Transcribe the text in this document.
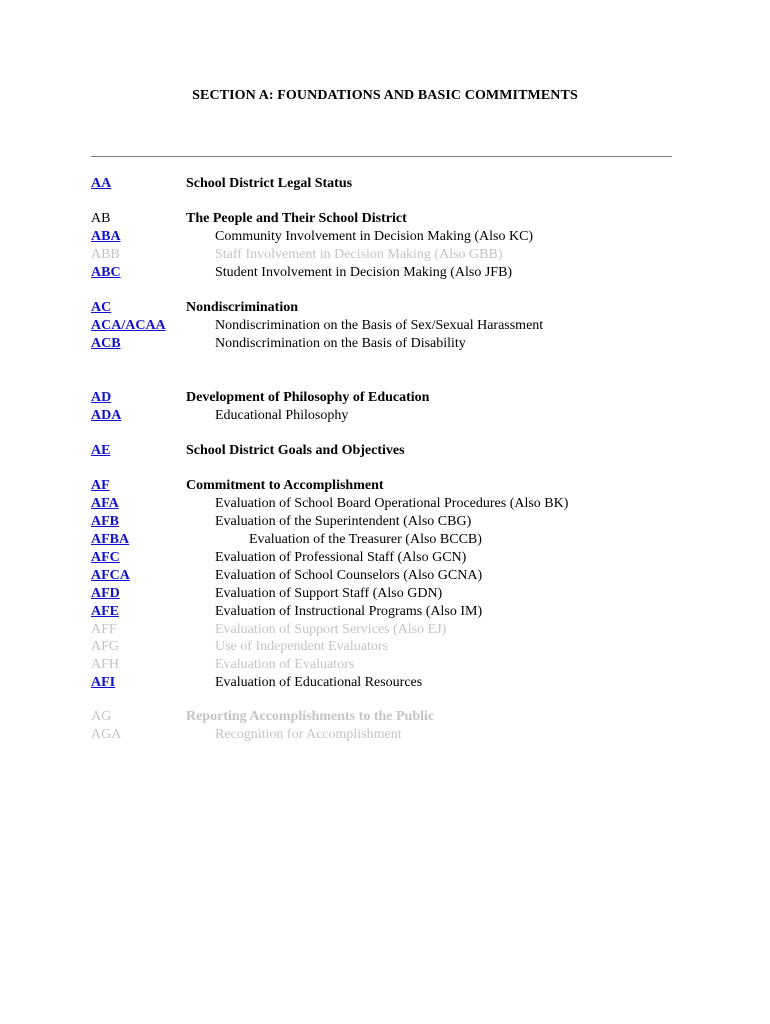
SECTION A: FOUNDATIONS AND BASIC COMMITMENTS
AA	School District Legal Status
AB	The People and Their School District
ABA	Community Involvement in Decision Making (Also KC)
ABB	Staff Involvement in Decision Making (Also GBB)
ABC	Student Involvement in Decision Making (Also JFB)
AC	Nondiscrimination
ACA/ACAA	Nondiscrimination on the Basis of Sex/Sexual Harassment
ACB	Nondiscrimination on the Basis of Disability
AD	Development of Philosophy of Education
ADA	Educational Philosophy
AE	School District Goals and Objectives
AF	Commitment to Accomplishment
AFA	Evaluation of School Board Operational Procedures (Also BK)
AFB	Evaluation of the Superintendent (Also CBG)
AFBA	Evaluation of the Treasurer (Also BCCB)
AFC	Evaluation of Professional Staff (Also GCN)
AFCA	Evaluation of School Counselors (Also GCNA)
AFD	Evaluation of Support Staff (Also GDN)
AFE	Evaluation of Instructional Programs (Also IM)
AFF	Evaluation of Support Services (Also EJ)
AFG	Use of Independent Evaluators
AFH	Evaluation of Evaluators
AFI	Evaluation of Educational Resources
AG	Reporting Accomplishments to the Public
AGA	Recognition for Accomplishment
